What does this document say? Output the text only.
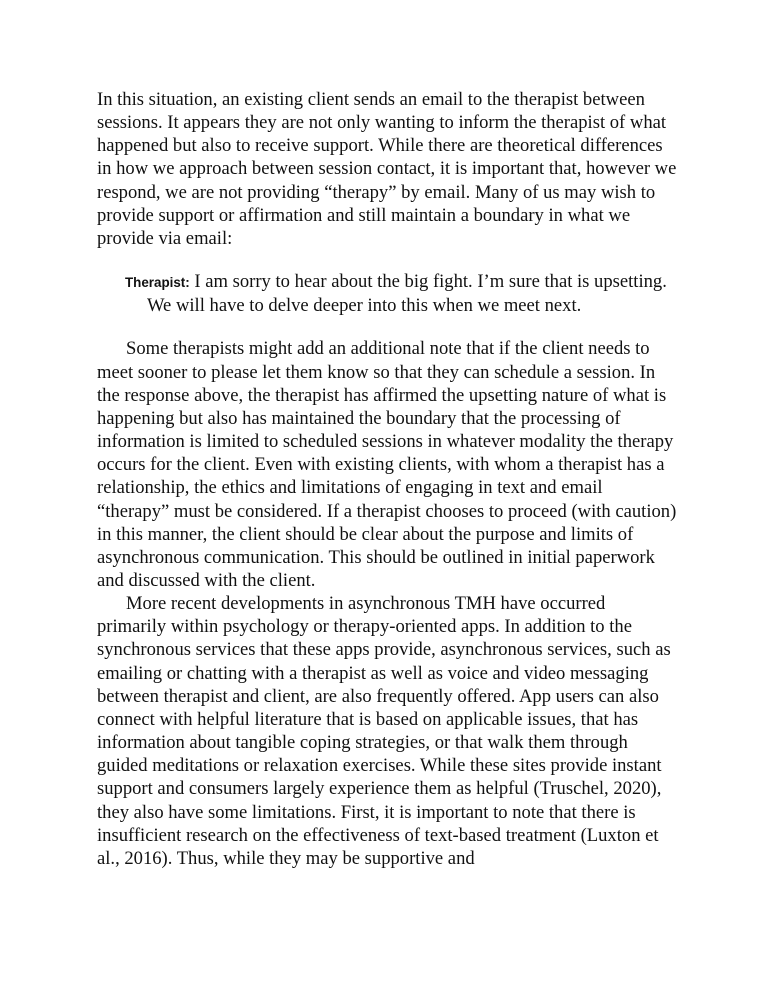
In this situation, an existing client sends an email to the therapist between sessions. It appears they are not only wanting to inform the therapist of what happened but also to receive support. While there are theoretical differences in how we approach between session contact, it is important that, however we respond, we are not providing “therapy” by email. Many of us may wish to provide support or affirmation and still maintain a boundary in what we provide via email:

Therapist: I am sorry to hear about the big fight. I’m sure that is upsetting. We will have to delve deeper into this when we meet next.

Some therapists might add an additional note that if the client needs to meet sooner to please let them know so that they can schedule a session. In the response above, the therapist has affirmed the upsetting nature of what is happening but also has maintained the boundary that the processing of information is limited to scheduled sessions in whatever modality the therapy occurs for the client. Even with existing clients, with whom a therapist has a relationship, the ethics and limitations of engaging in text and email “therapy” must be considered. If a therapist chooses to proceed (with caution) in this manner, the client should be clear about the purpose and limits of asynchronous communication. This should be outlined in initial paperwork and discussed with the client.

More recent developments in asynchronous TMH have occurred primarily within psychology or therapy-oriented apps. In addition to the synchronous services that these apps provide, asynchronous services, such as emailing or chatting with a therapist as well as voice and video messaging between therapist and client, are also frequently offered. App users can also connect with helpful literature that is based on applicable issues, that has information about tangible coping strategies, or that walk them through guided meditations or relaxation exercises. While these sites provide instant support and consumers largely experience them as helpful (Truschel, 2020), they also have some limitations. First, it is important to note that there is insufficient research on the effectiveness of text-based treatment (Luxton et al., 2016). Thus, while they may be supportive and
